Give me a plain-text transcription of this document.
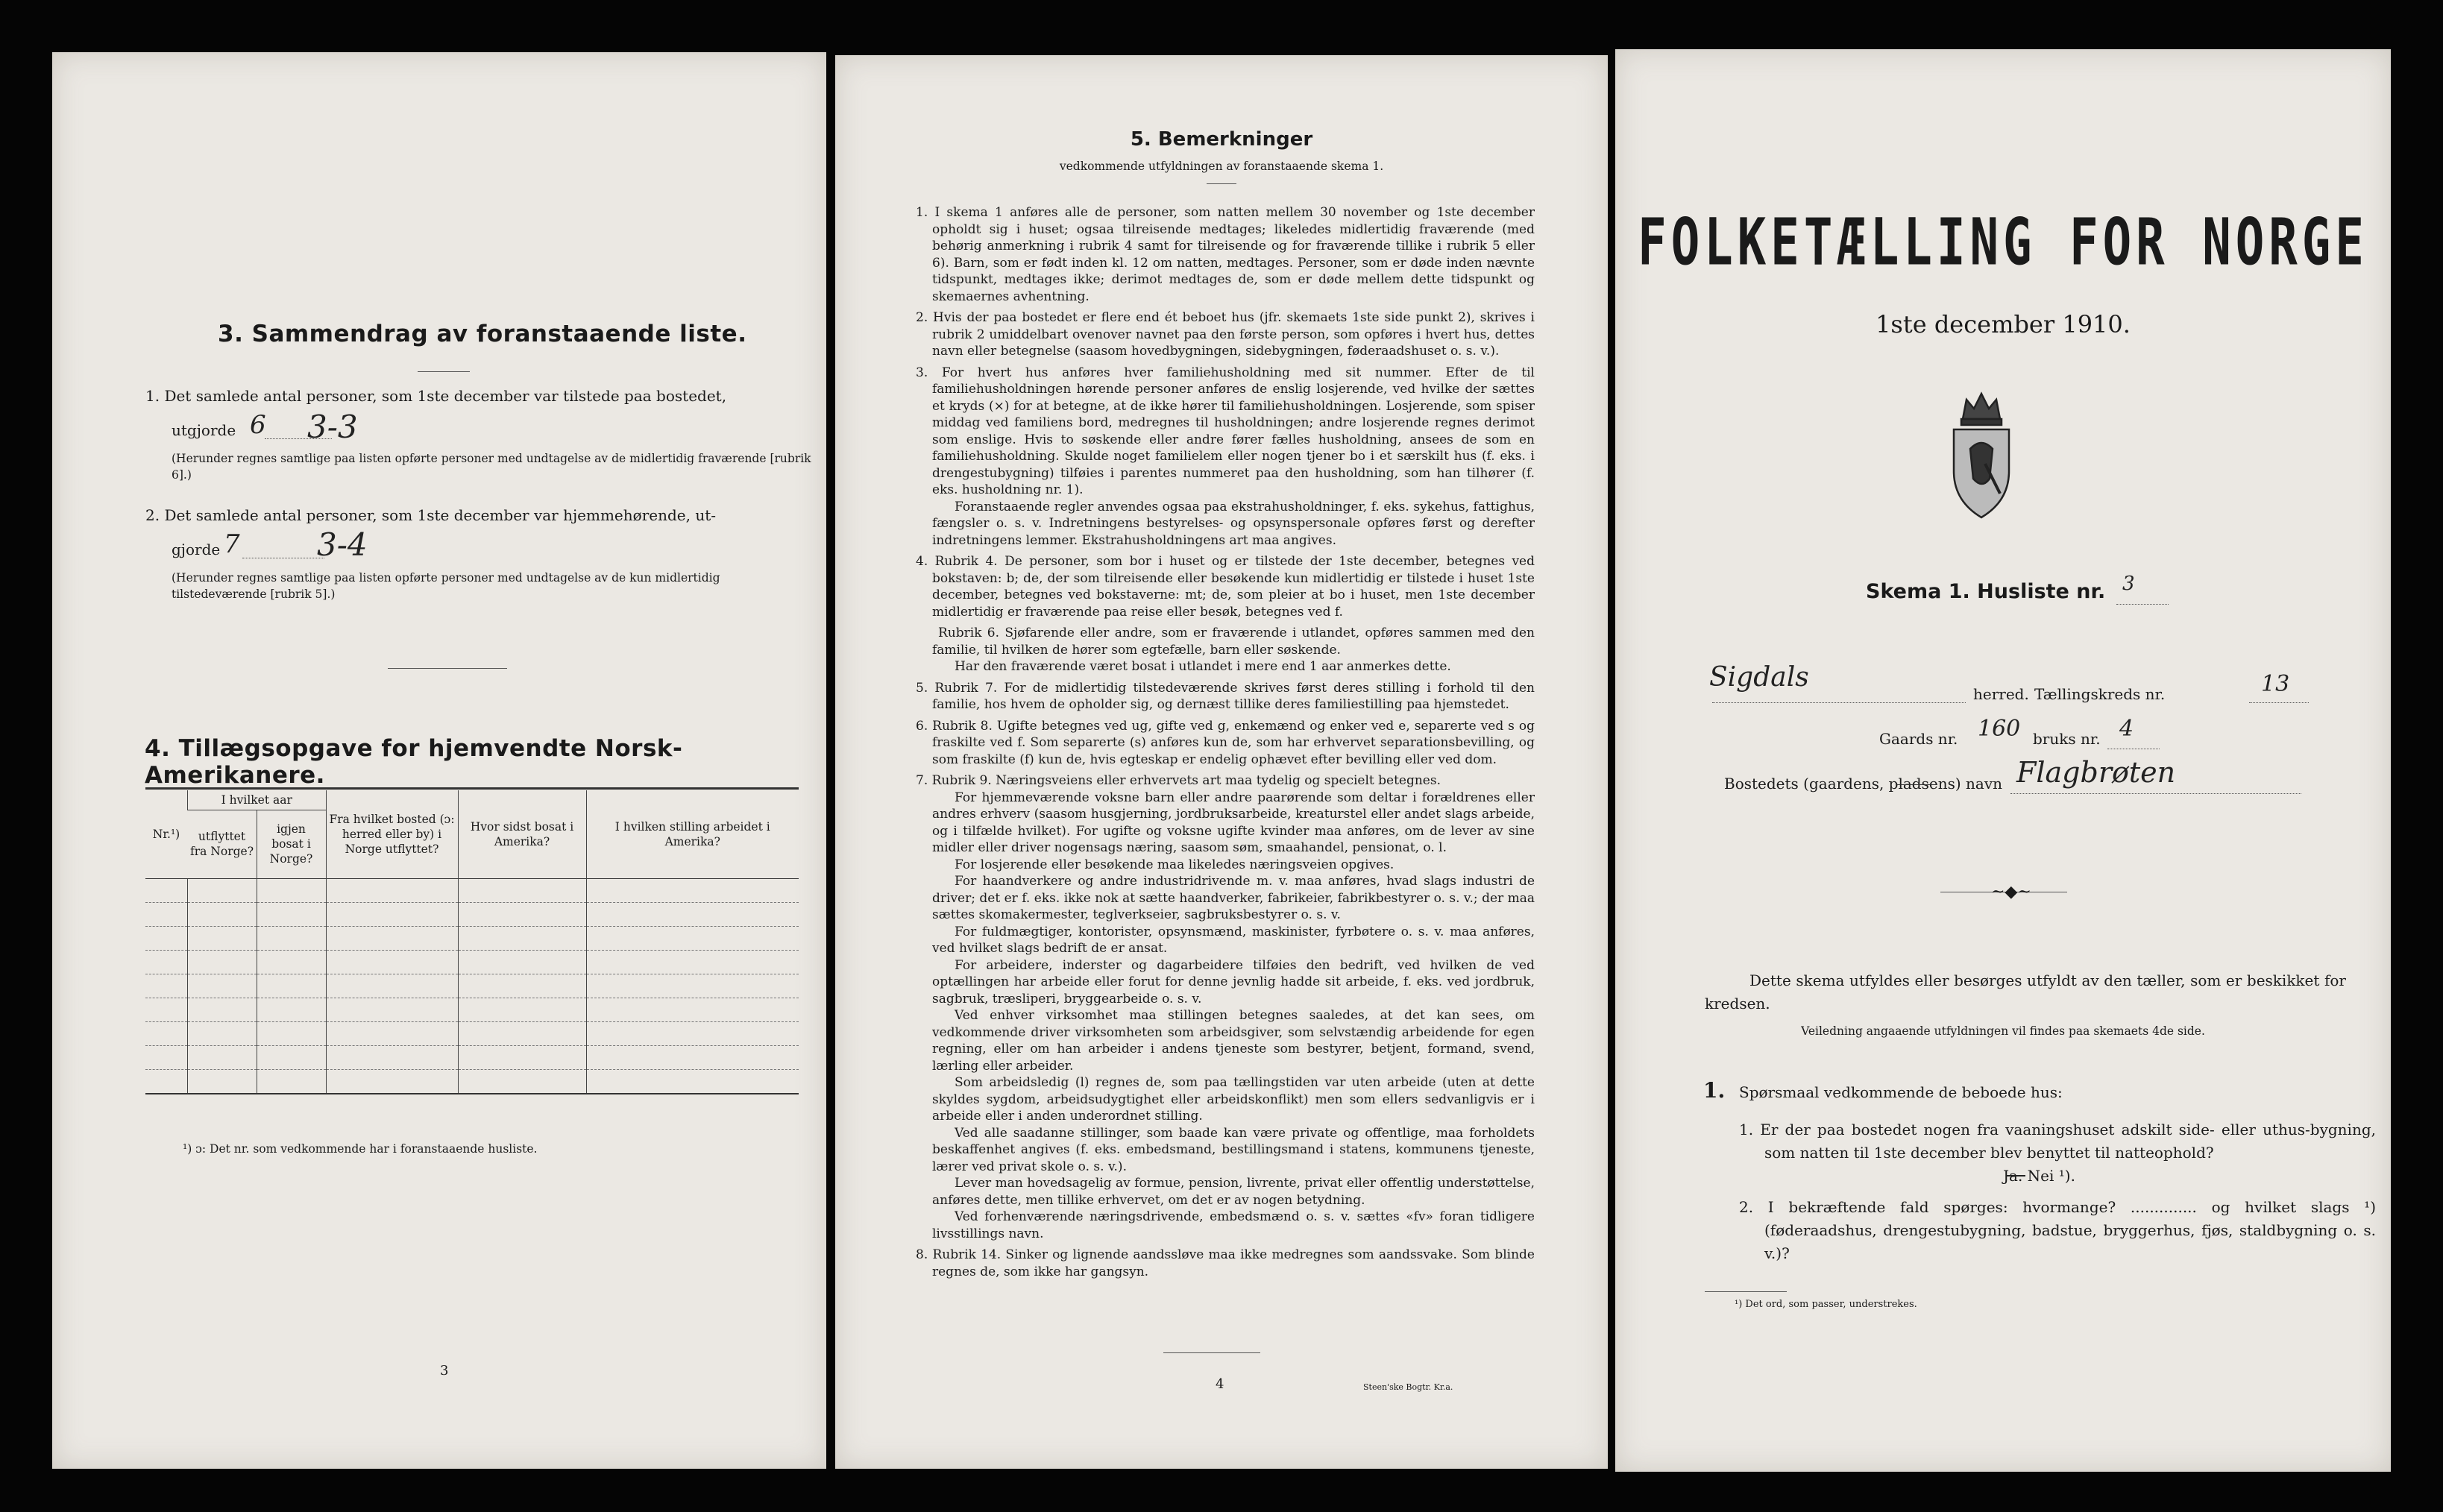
3. Sammendrag av foranstaaende liste.
1. Det samlede antal personer, som 1ste december var tilstede paa bostedet,
utgjorde 6 3-3
(Herunder regnes samtlige paa listen opførte personer med undtagelse av de midlertidig fraværende [rubrik 6].)
2. Det samlede antal personer, som 1ste december var hjemmehørende, ut-
gjorde 7 3-4
(Herunder regnes samtlige paa listen opførte personer med undtagelse av de kun midlertidig tilstedeværende [rubrik 5].)
4. Tillægsopgave for hjemvendte Norsk-Amerikanere.
Nr.¹)	I hvilket aar		Fra hvilket bosted (ᴐ: herred eller by) i Norge utflyttet?	Hvor sidst bosat i Amerika?	I hvilken stilling arbeidet i Amerika?
	utflyttet fra Norge?	igjen bosat i Norge?			

¹) ᴐ: Det nr. som vedkommende har i foranstaaende husliste.
3
5. Bemerkninger
vedkommende utfyldningen av foranstaaende skema 1.

1. I skema 1 anføres alle de personer, som natten mellem 30 november og 1ste december opholdt sig i huset; ogsaa tilreisende medtages; likeledes midlertidig fraværende (med behørig anmerkning i rubrik 4 samt for tilreisende og for fraværende tillike i rubrik 5 eller 6). Barn, som er født inden kl. 12 om natten, medtages. Personer, som er døde inden nævnte tidspunkt, medtages ikke; derimot medtages de, som er døde mellem dette tidspunkt og skemaernes avhentning.

2. Hvis der paa bostedet er flere end ét beboet hus (jfr. skemaets 1ste side punkt 2), skrives i rubrik 2 umiddelbart ovenover navnet paa den første person, som opføres i hvert hus, dettes navn eller betegnelse (saasom hovedbygningen, sidebygningen, føderaadshuset o. s. v.).

3. For hvert hus anføres hver familiehusholdning med sit nummer. Efter de til familiehusholdningen hørende personer anføres de enslig losjerende, ved hvilke der sættes et kryds (×) for at betegne, at de ikke hører til familiehusholdningen. Losjerende, som spiser middag ved familiens bord, medregnes til husholdningen; andre losjerende regnes derimot som enslige. Hvis to søskende eller andre fører fælles husholdning, ansees de som en familiehusholdning. Skulde noget familielem eller nogen tjener bo i et særskilt hus (f. eks. i drengestubygning) tilføies i parentes nummeret paa den husholdning, som han tilhører (f. eks. husholdning nr. 1).

Foranstaaende regler anvendes ogsaa paa ekstrahusholdninger, f. eks. sykehus, fattighus, fængsler o. s. v. Indretningens bestyrelses- og opsynspersonale opføres først og derefter indretningens lemmer. Ekstrahusholdningens art maa angives.

4. Rubrik 4. De personer, som bor i huset og er tilstede der 1ste december, betegnes ved bokstaven: b; de, der som tilreisende eller besøkende kun midlertidig er tilstede i huset 1ste december, betegnes ved bokstaverne: mt; de, som pleier at bo i huset, men 1ste december midlertidig er fraværende paa reise eller besøk, betegnes ved f.

Rubrik 6. Sjøfarende eller andre, som er fraværende i utlandet, opføres sammen med den familie, til hvilken de hører som egtefælle, barn eller søskende.

Har den fraværende været bosat i utlandet i mere end 1 aar anmerkes dette.

5. Rubrik 7. For de midlertidig tilstedeværende skrives først deres stilling i forhold til den familie, hos hvem de opholder sig, og dernæst tillike deres familiestilling paa hjemstedet.

6. Rubrik 8. Ugifte betegnes ved ug, gifte ved g, enkemænd og enker ved e, separerte ved s og fraskilte ved f. Som separerte (s) anføres kun de, som har erhvervet separationsbevilling, og som fraskilte (f) kun de, hvis egteskap er endelig ophævet efter bevilling eller ved dom.

7. Rubrik 9. Næringsveiens eller erhvervets art maa tydelig og specielt betegnes.

For hjemmeværende voksne barn eller andre paarørende som deltar i forældrenes eller andres erhverv (saasom husgjerning, jordbruksarbeide, kreaturstel eller andet slags arbeide, og i tilfælde hvilket). For ugifte og voksne ugifte kvinder maa anføres, om de lever av sine midler eller driver nogensags næring, saasom søm, smaahandel, pensionat, o. l.

For losjerende eller besøkende maa likeledes næringsveien opgives.

For haandverkere og andre industridrivende m. v. maa anføres, hvad slags industri de driver; det er f. eks. ikke nok at sætte haandverker, fabrikeier, fabrikbestyrer o. s. v.; der maa sættes skomakermester, teglverkseier, sagbruksbestyrer o. s. v.

For fuldmægtiger, kontorister, opsynsmænd, maskinister, fyrbøtere o. s. v. maa anføres, ved hvilket slags bedrift de er ansat.

For arbeidere, inderster og dagarbeidere tilføies den bedrift, ved hvilken de ved optællingen har arbeide eller forut for denne jevnlig hadde sit arbeide, f. eks. ved jordbruk, sagbruk, træsliperi, bryggearbeide o. s. v.

Ved enhver virksomhet maa stillingen betegnes saaledes, at det kan sees, om vedkommende driver virksomheten som arbeidsgiver, som selvstændig arbeidende for egen regning, eller om han arbeider i andens tjeneste som bestyrer, betjent, formand, svend, lærling eller arbeider.

Som arbeidsledig (l) regnes de, som paa tællingstiden var uten arbeide (uten at dette skyldes sygdom, arbeidsudygtighet eller arbeidskonflikt) men som ellers sedvanligvis er i arbeide eller i anden underordnet stilling.

Ved alle saadanne stillinger, som baade kan være private og offentlige, maa forholdets beskaffenhet angives (f. eks. embedsmand, bestillingsmand i statens, kommunens tjeneste, lærer ved privat skole o. s. v.).

Lever man hovedsagelig av formue, pension, livrente, privat eller offentlig understøttelse, anføres dette, men tillike erhvervet, om det er av nogen betydning.

Ved forhenværende næringsdrivende, embedsmænd o. s. v. sættes «fv» foran tidligere livsstillings navn.

8. Rubrik 14. Sinker og lignende aandssløve maa ikke medregnes som aandssvake. Som blinde regnes de, som ikke har gangsyn.

4	Steen'ske Bogtr. Kr.a.
FOLKETÆLLING FOR NORGE
1ste december 1910.
Skema 1. Husliste nr. 3
Sigdals
herred. Tællingskreds nr.	13
Gaards nr. 160 bruks nr. 4
Bostedets (gaardens, pladsens) navn Flagbrøten
~◆~
Dette skema utfyldes eller besørges utfyldt av den tæller, som er beskikket for kredsen.
Veiledning angaaende utfyldningen vil findes paa skemaets 4de side.
1. Spørsmaal vedkommende de beboede hus:
1. Er der paa bostedet nogen fra vaaningshuset adskilt side- eller uthus-bygning, som natten til 1ste december blev benyttet til natteophold?
Ja. Nei ¹).
2. I bekræftende fald spørges: hvormange? .............. og hvilket slags ¹) (føderaadshus, drengestubygning, badstue, bryggerhus, fjøs, staldbygning o. s. v.)?
¹) Det ord, som passer, understrekes.
